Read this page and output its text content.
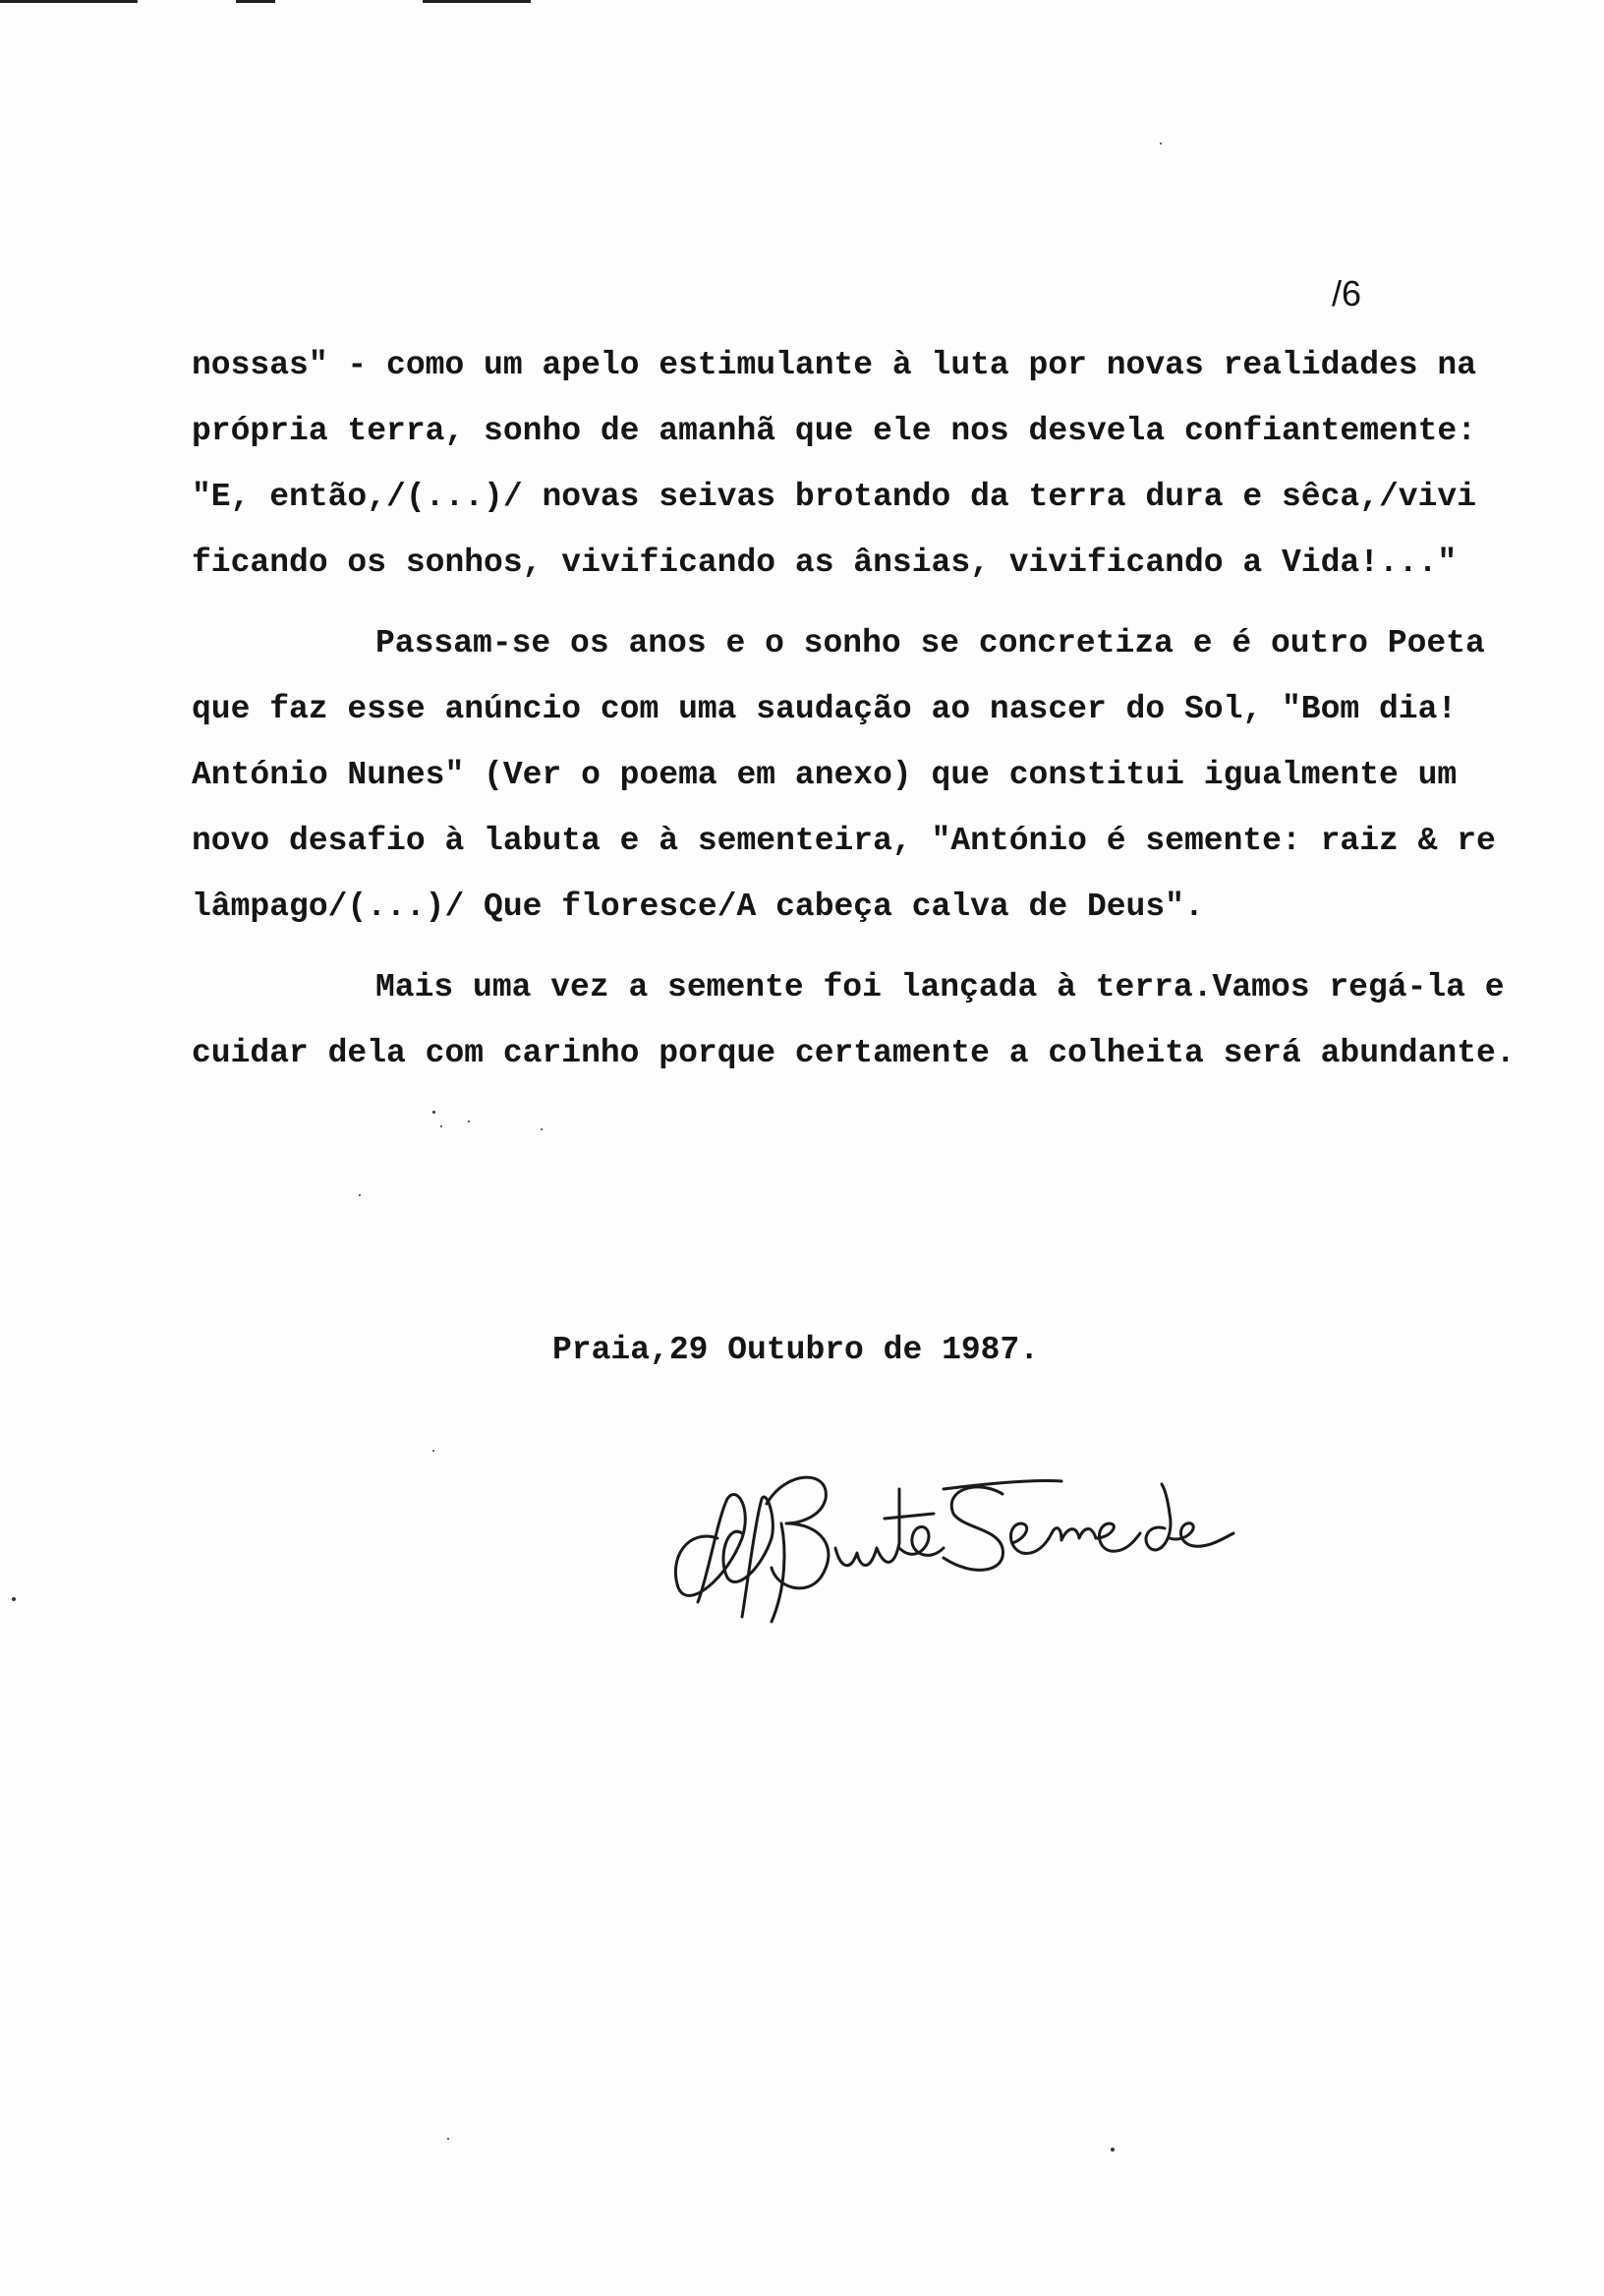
/6
nossas" - como um apelo estimulante à luta por novas realidades na
própria terra, sonho de amanhã que ele nos desvela confiantemente:
"E, então,/(...)/ novas seivas brotando da terra dura e sêca,/vivi
ficando os sonhos, vivificando as ânsias, vivificando a Vida!..."
Passam-se os anos e o sonho se concretiza e é outro Poeta
que faz esse anúncio com uma saudação ao nascer do Sol, "Bom dia!
António Nunes" (Ver o poema em anexo) que constitui igualmente um
novo desafio à labuta e à sementeira, "António é semente: raiz & re
lâmpago/(...)/ Que floresce/A cabeça calva de Deus".
Mais uma vez a semente foi lançada à terra.Vamos regá-la e
cuidar dela com carinho porque certamente a colheita será abundante.
Praia,29 Outubro de 1987.
